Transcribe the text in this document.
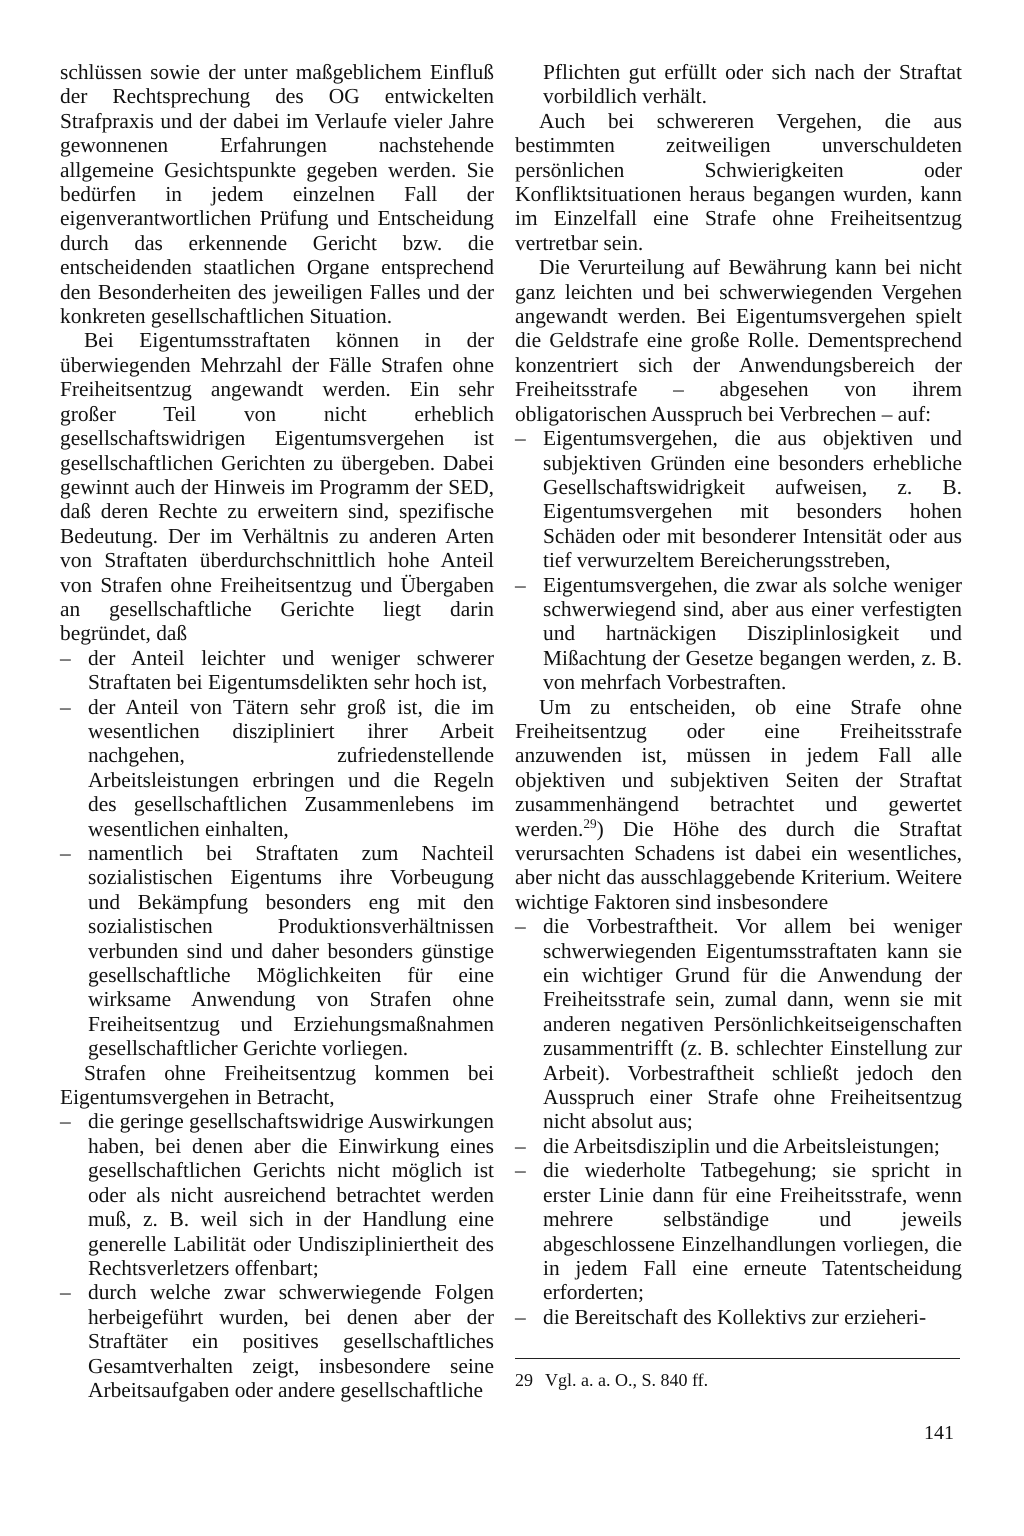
schlüssen sowie der unter maßgeblichem Einfluß der Rechtsprechung des OG entwickelten Strafpraxis und der dabei im Verlaufe vieler Jahre gewonnenen Erfahrungen nachstehende allgemeine Gesichtspunkte gegeben werden. Sie bedürfen in jedem einzelnen Fall der eigenverantwortlichen Prüfung und Entscheidung durch das erkennende Gericht bzw. die entscheidenden staatlichen Organe entsprechend den Besonderheiten des jeweiligen Falles und der konkreten gesellschaftlichen Situation.

Bei Eigentumsstraftaten können in der überwiegenden Mehrzahl der Fälle Strafen ohne Freiheitsentzug angewandt werden. Ein sehr großer Teil von nicht erheblich gesellschaftswidrigen Eigentumsvergehen ist gesellschaftlichen Gerichten zu übergeben. Dabei gewinnt auch der Hinweis im Programm der SED, daß deren Rechte zu erweitern sind, spezifische Bedeutung. Der im Verhältnis zu anderen Arten von Straftaten überdurchschnittlich hohe Anteil von Strafen ohne Freiheitsentzug und Übergaben an gesellschaftliche Gerichte liegt darin begründet, daß

– der Anteil leichter und weniger schwerer Straftaten bei Eigentumsdelikten sehr hoch ist,

– der Anteil von Tätern sehr groß ist, die im wesentlichen diszipliniert ihrer Arbeit nachgehen, zufriedenstellende Arbeitsleistungen erbringen und die Regeln des gesellschaftlichen Zusammenlebens im wesentlichen einhalten,

– namentlich bei Straftaten zum Nachteil sozialistischen Eigentums ihre Vorbeugung und Bekämpfung besonders eng mit den sozialistischen Produktionsverhältnissen verbunden sind und daher besonders günstige gesellschaftliche Möglichkeiten für eine wirksame Anwendung von Strafen ohne Freiheitsentzug und Erziehungsmaßnahmen gesellschaftlicher Gerichte vorliegen.

Strafen ohne Freiheitsentzug kommen bei Eigentumsvergehen in Betracht,

– die geringe gesellschaftswidrige Auswirkungen haben, bei denen aber die Einwirkung eines gesellschaftlichen Gerichts nicht möglich ist oder als nicht ausreichend betrachtet werden muß, z. B. weil sich in der Handlung eine generelle Labilität oder Undiszipliniertheit des Rechtsverletzers offenbart;

– durch welche zwar schwerwiegende Folgen herbeigeführt wurden, bei denen aber der Straftäter ein positives gesellschaftliches Gesamtverhalten zeigt, insbesondere seine Arbeitsaufgaben oder andere gesellschaftliche

Pflichten gut erfüllt oder sich nach der Straftat vorbildlich verhält.

Auch bei schwereren Vergehen, die aus bestimmten zeitweiligen unverschuldeten persönlichen Schwierigkeiten oder Konfliktsituationen heraus begangen wurden, kann im Einzelfall eine Strafe ohne Freiheitsentzug vertretbar sein.

Die Verurteilung auf Bewährung kann bei nicht ganz leichten und bei schwerwiegenden Vergehen angewandt werden. Bei Eigentumsvergehen spielt die Geldstrafe eine große Rolle. Dementsprechend konzentriert sich der Anwendungsbereich der Freiheitsstrafe – abgesehen von ihrem obligatorischen Ausspruch bei Verbrechen – auf:

– Eigentumsvergehen, die aus objektiven und subjektiven Gründen eine besonders erhebliche Gesellschaftswidrigkeit aufweisen, z. B. Eigentumsvergehen mit besonders hohen Schäden oder mit besonderer Intensität oder aus tief verwurzeltem Bereicherungsstreben,

– Eigentumsvergehen, die zwar als solche weniger schwerwiegend sind, aber aus einer verfestigten und hartnäckigen Disziplinlosigkeit und Mißachtung der Gesetze begangen werden, z. B. von mehrfach Vorbestraften.

Um zu entscheiden, ob eine Strafe ohne Freiheitsentzug oder eine Freiheitsstrafe anzuwenden ist, müssen in jedem Fall alle objektiven und subjektiven Seiten der Straftat zusammenhängend betrachtet und gewertet werden.$^{29}$) Die Höhe des durch die Straftat verursachten Schadens ist dabei ein wesentliches, aber nicht das ausschlaggebende Kriterium. Weitere wichtige Faktoren sind insbesondere

– die Vorbestraftheit. Vor allem bei weniger schwerwiegenden Eigentumsstraftaten kann sie ein wichtiger Grund für die Anwendung der Freiheitsstrafe sein, zumal dann, wenn sie mit anderen negativen Persönlichkeitseigenschaften zusammentrifft (z. B. schlechter Einstellung zur Arbeit). Vorbestraftheit schließt jedoch den Ausspruch einer Strafe ohne Freiheitsentzug nicht absolut aus;

– die Arbeitsdisziplin und die Arbeitsleistungen;

– die wiederholte Tatbegehung; sie spricht in erster Linie dann für eine Freiheitsstrafe, wenn mehrere selbständige und jeweils abgeschlossene Einzelhandlungen vorliegen, die in jedem Fall eine erneute Tatentscheidung erforderten;

– die Bereitschaft des Kollektivs zur erzieheri-

29 Vgl. a. a. O., S. 840 ff.
141
